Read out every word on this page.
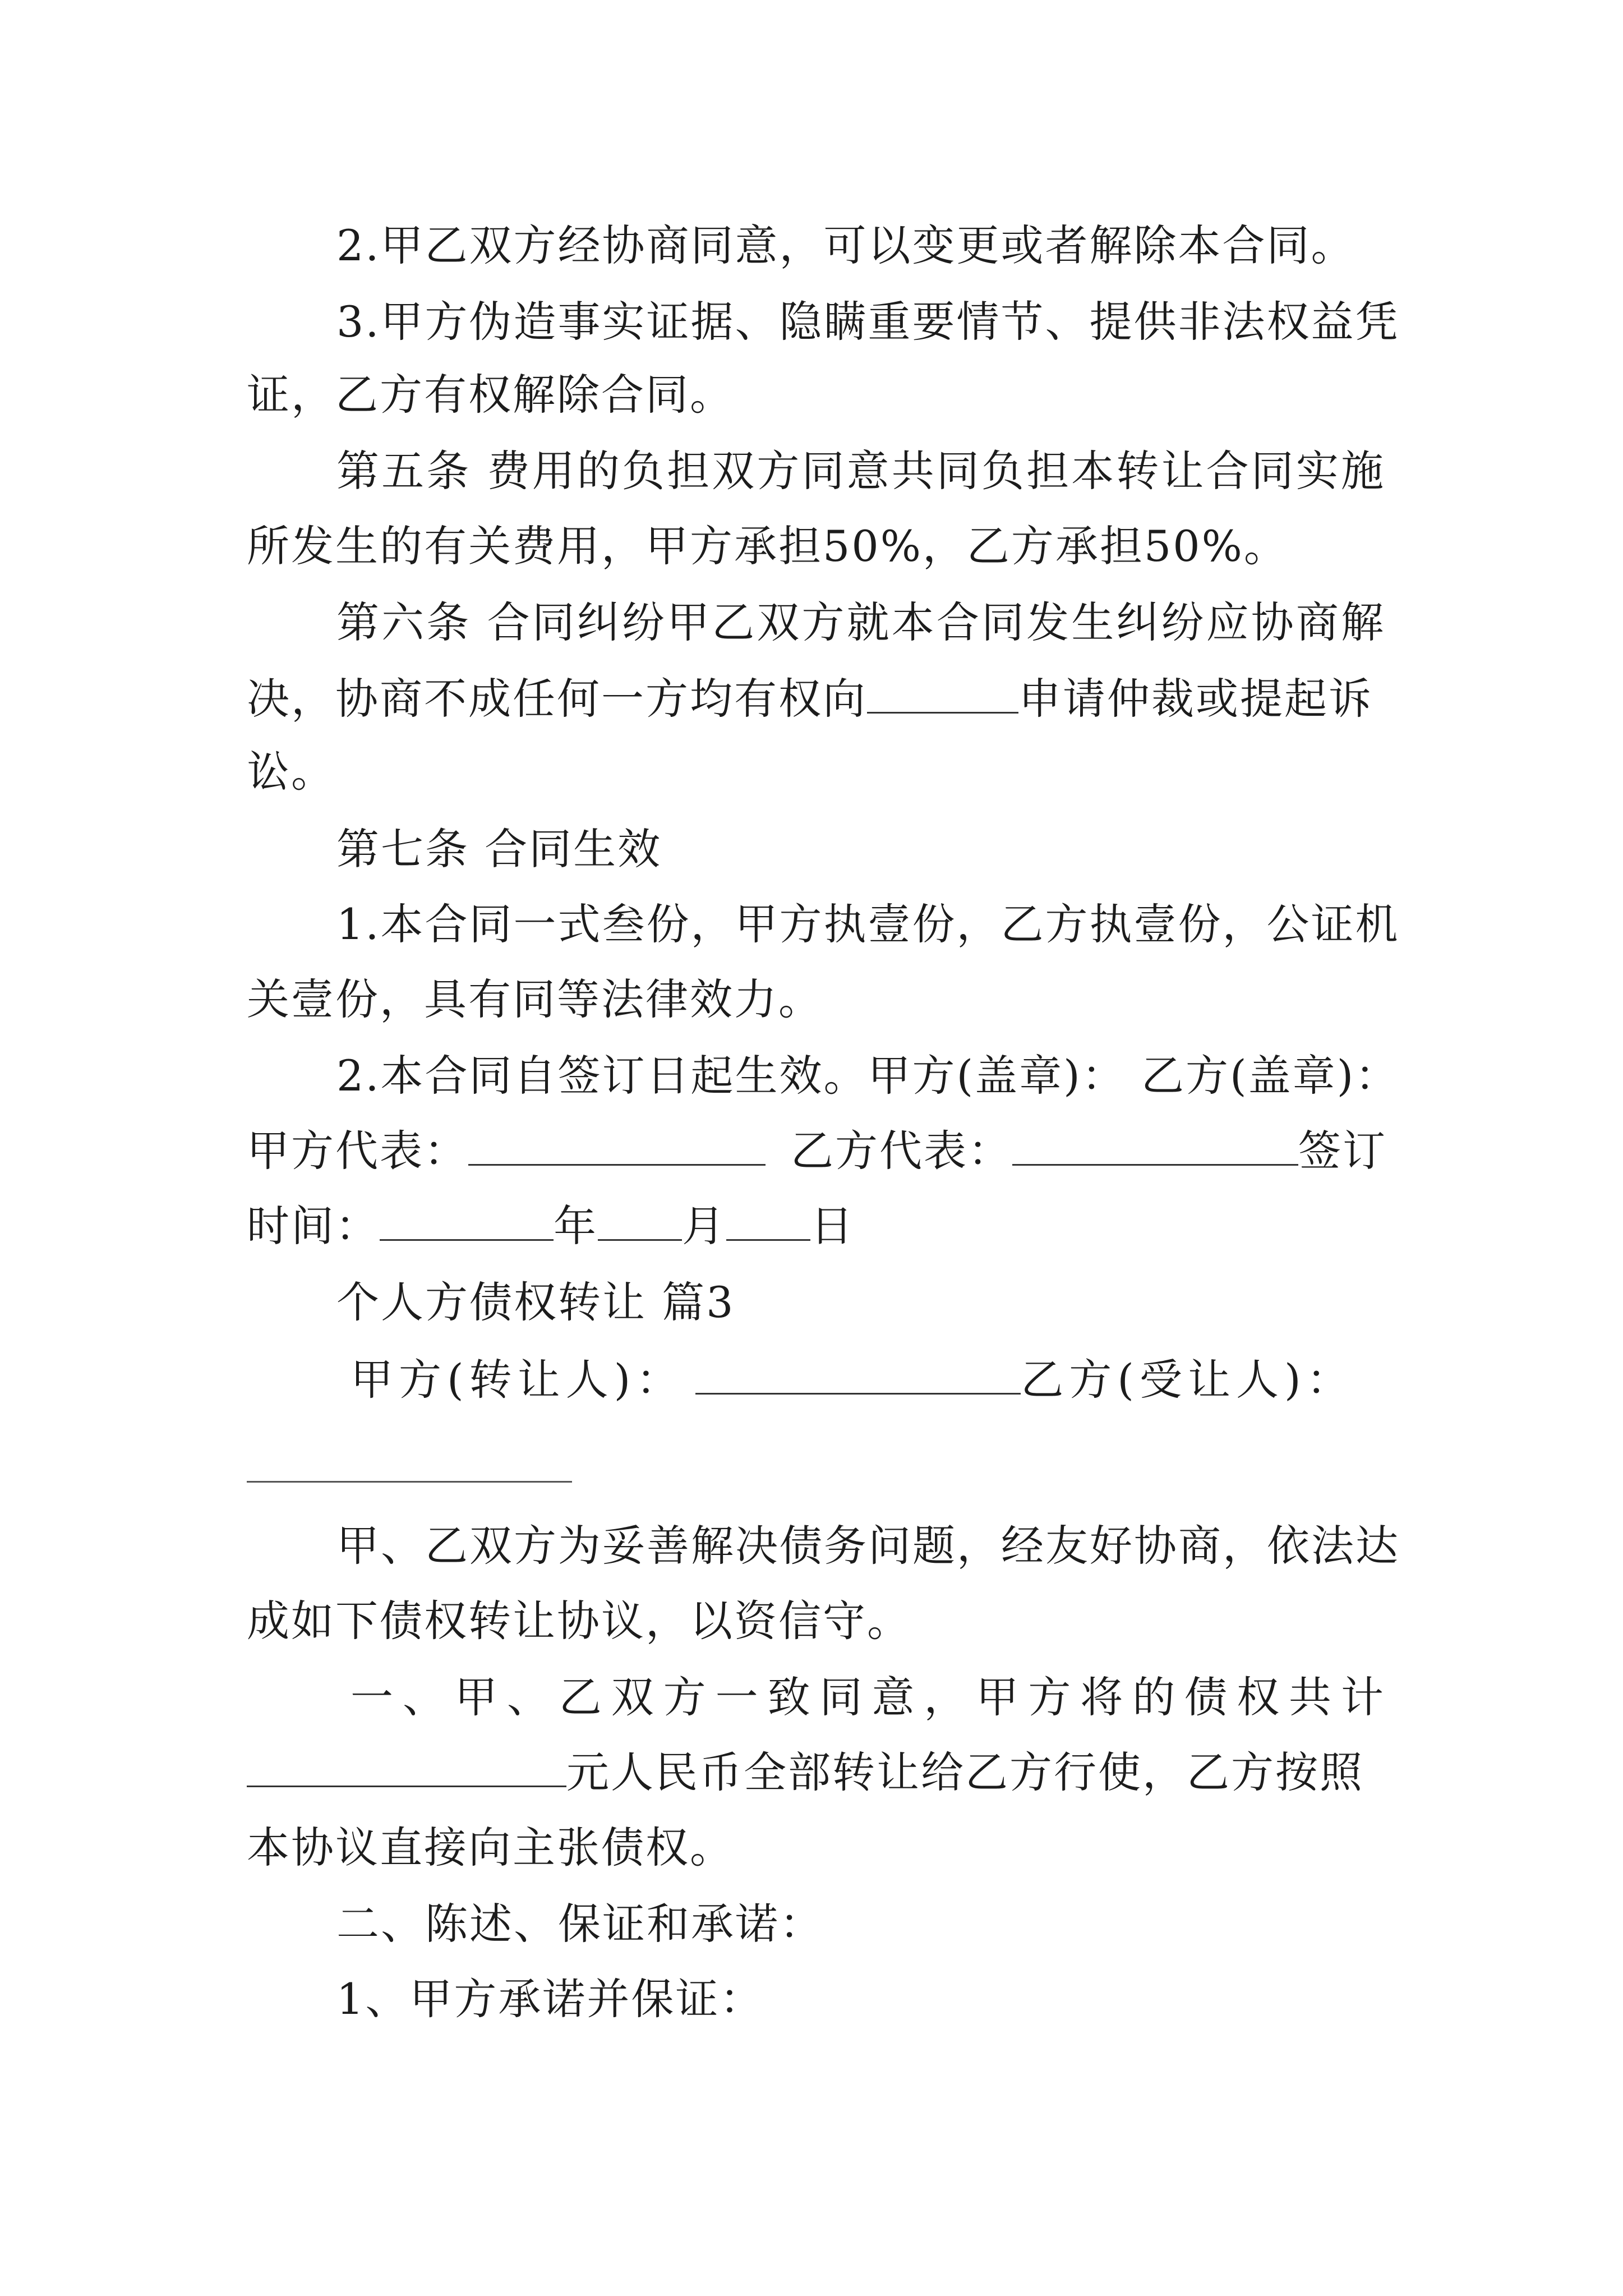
2.甲乙双方经协商同意，可以变更或者解除本合同。
3.甲方伪造事实证据、隐瞒重要情节、提供非法权益凭
证，乙方有权解除合同。
第五条 费用的负担双方同意共同负担本转让合同实施
所发生的有关费用，甲方承担50%，乙方承担50%。
第六条 合同纠纷甲乙双方就本合同发生纠纷应协商解
决，协商不成任何一方均有权向	申请仲裁或提起诉
讼。
第七条 合同生效
1.本合同一式叁份，甲方执壹份，乙方执壹份，公证机
关壹份，具有同等法律效力。
2.本合同自签订日起生效。甲方(盖章)： 乙方(盖章)：
甲方代表：	乙方代表：	签订
时间：	年 月 日
个人方债权转让 篇3
甲方(转让人)：	乙方(受让人)：
甲、乙双方为妥善解决债务问题，经友好协商，依法达
成如下债权转让协议，以资信守。
一、甲、乙双方一致同意，甲方将的债权共计
元人民币全部转让给乙方行使，乙方按照
本协议直接向主张债权。
二、陈述、保证和承诺：
1、甲方承诺并保证：
